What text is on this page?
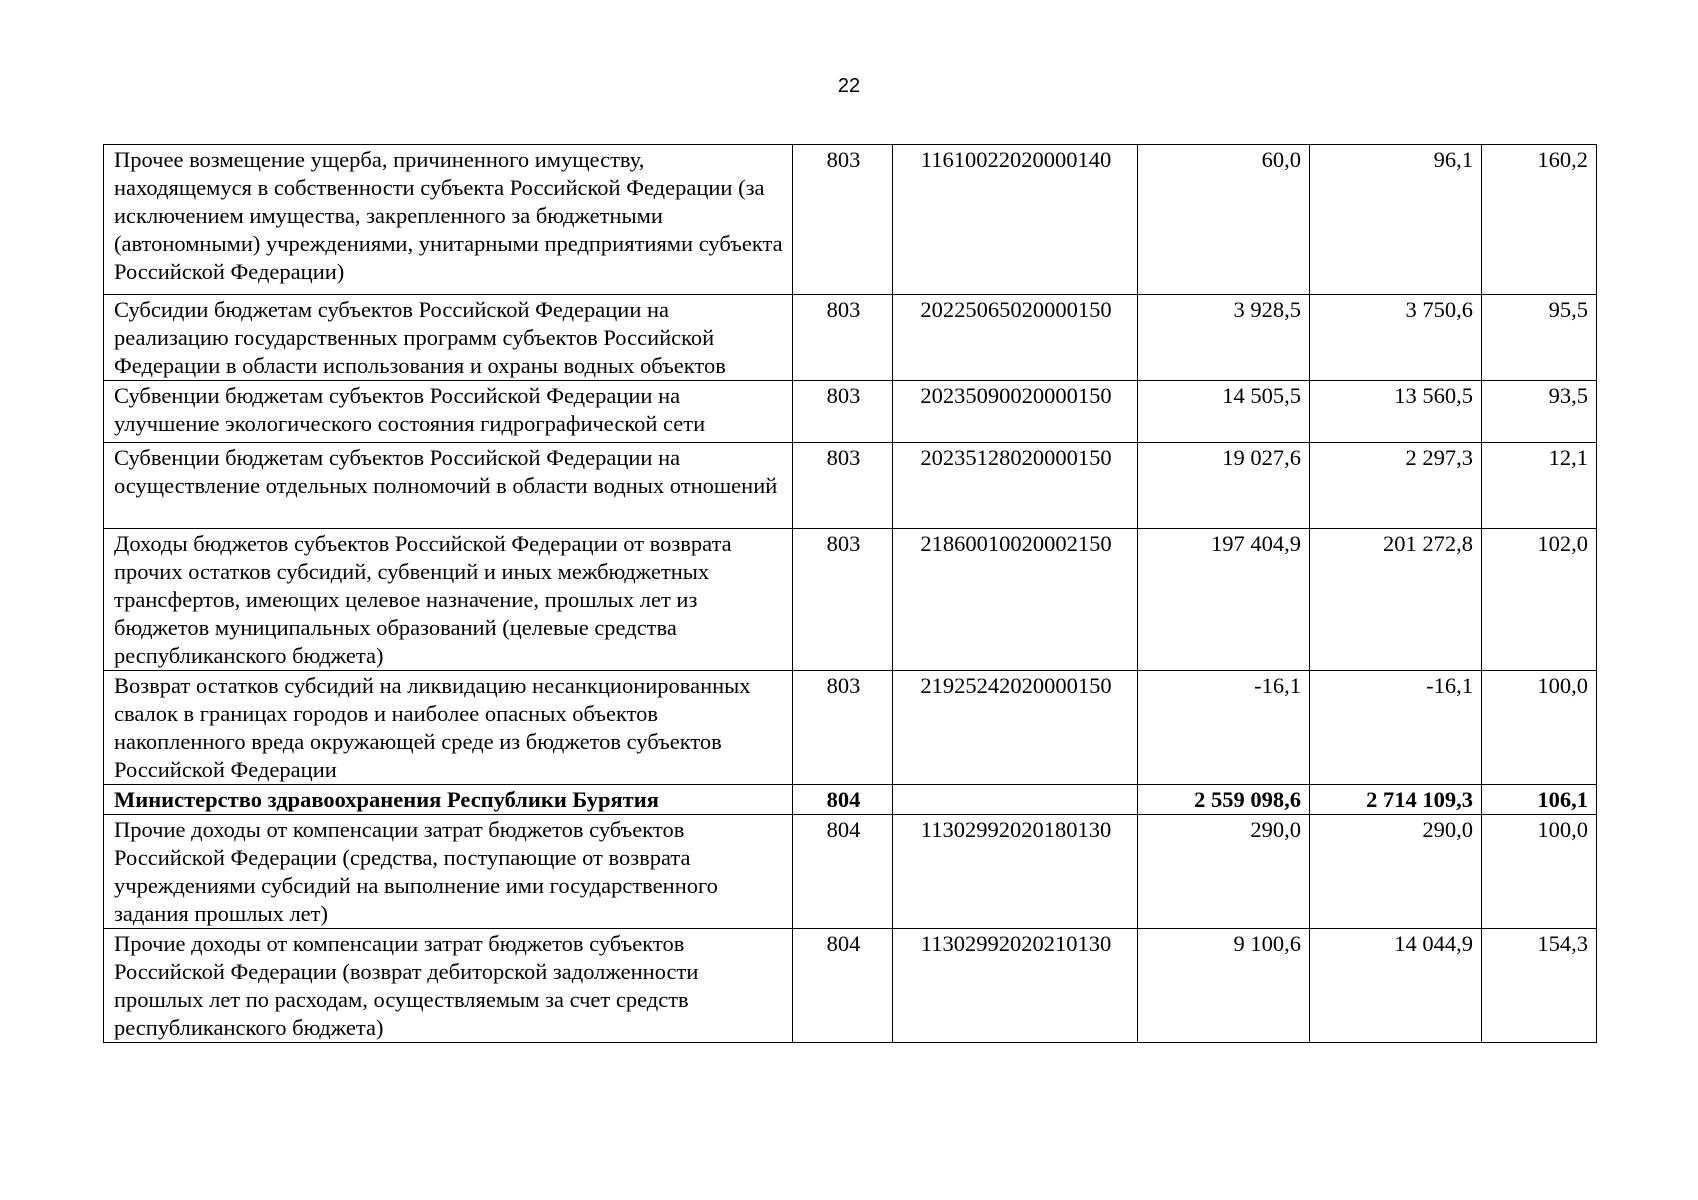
22
Прочее возмещение ущерба, причиненного имуществу, находящемуся в собственности субъекта Российской Федерации (за исключением имущества, закрепленного за бюджетными (автономными) учреждениями, унитарными предприятиями субъекта Российской Федерации)	803	11610022020000140	60,0	96,1	160,2
Субсидии бюджетам субъектов Российской Федерации на реализацию государственных программ субъектов Российской Федерации в области использования и охраны водных объектов	803	20225065020000150	3 928,5	3 750,6	95,5
Субвенции бюджетам субъектов Российской Федерации на улучшение экологического состояния гидрографической сети	803	20235090020000150	14 505,5	13 560,5	93,5
Субвенции бюджетам субъектов Российской Федерации на осуществление отдельных полномочий в области водных отношений	803	20235128020000150	19 027,6	2 297,3	12,1
Доходы бюджетов субъектов Российской Федерации от возврата прочих остатков субсидий, субвенций и иных межбюджетных трансфертов, имеющих целевое назначение, прошлых лет из бюджетов муниципальных образований (целевые средства республиканского бюджета)	803	21860010020002150	197 404,9	201 272,8	102,0
Возврат остатков субсидий на ликвидацию несанкционированных свалок в границах городов и наиболее опасных объектов накопленного вреда окружающей среде из бюджетов субъектов Российской Федерации	803	21925242020000150	-16,1	-16,1	100,0
Министерство здравоохранения Республики Бурятия	804		2 559 098,6	2 714 109,3	106,1
Прочие доходы от компенсации затрат бюджетов субъектов Российской Федерации (средства, поступающие от возврата учреждениями субсидий на выполнение ими государственного задания прошлых лет)	804	11302992020180130	290,0	290,0	100,0
Прочие доходы от компенсации затрат бюджетов субъектов Российской Федерации (возврат дебиторской задолженности прошлых лет по расходам, осуществляемым за счет средств республиканского бюджета)	804	11302992020210130	9 100,6	14 044,9	154,3
